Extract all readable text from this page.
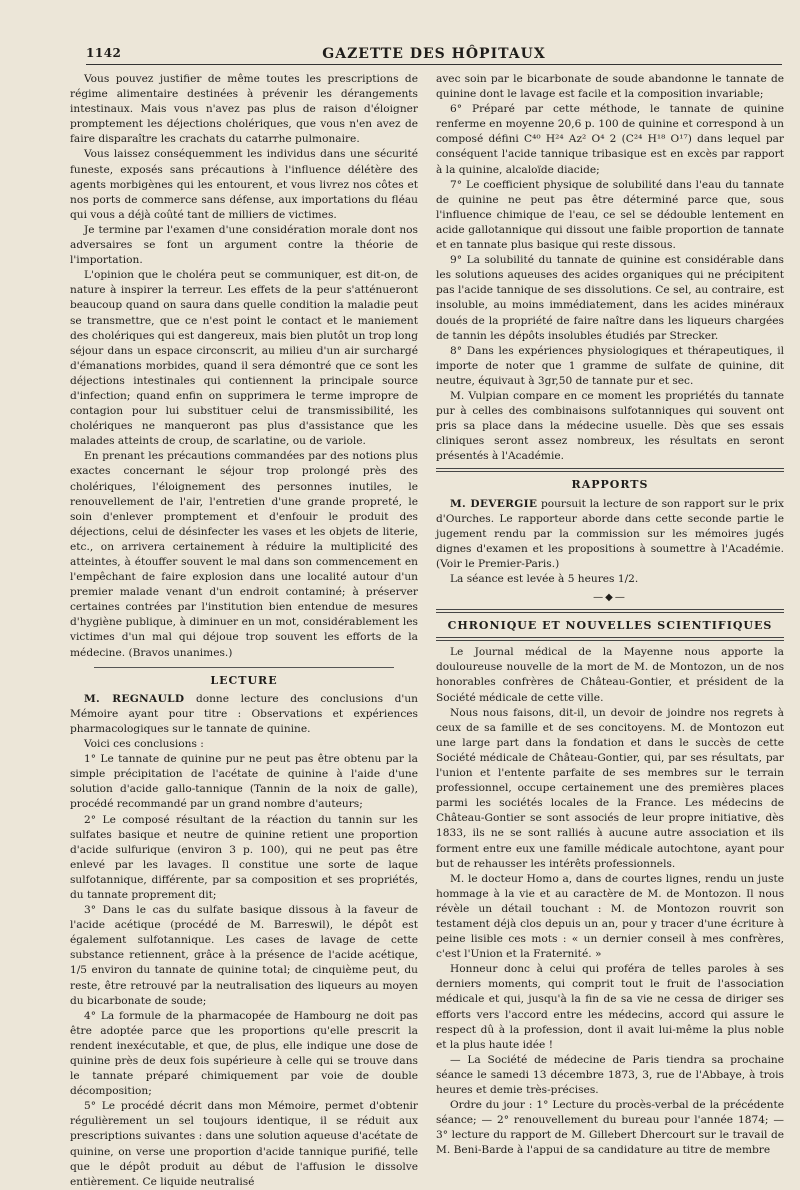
1142	GAZETTE DES HÔPITAUX

Vous pouvez justifier de même toutes les prescriptions de régime alimentaire destinées à prévenir les dérangements intestinaux. Mais vous n'avez pas plus de raison d'éloigner promptement les déjections cholériques, que vous n'en avez de faire disparaître les crachats du catarrhe pulmonaire.

Vous laissez conséquemment les individus dans une sécurité funeste, exposés sans précautions à l'influence délétère des agents morbigènes qui les entourent, et vous livrez nos côtes et nos ports de commerce sans défense, aux importations du fléau qui vous a déjà coûté tant de milliers de victimes.

Je termine par l'examen d'une considération morale dont nos adversaires se font un argument contre la théorie de l'importation.

L'opinion que le choléra peut se communiquer, est dit-on, de nature à inspirer la terreur. Les effets de la peur s'atténueront beaucoup quand on saura dans quelle condition la maladie peut se transmettre, que ce n'est point le contact et le maniement des cholériques qui est dangereux, mais bien plutôt un trop long séjour dans un espace circonscrit, au milieu d'un air surchargé d'émanations morbides, quand il sera démontré que ce sont les déjections intestinales qui contiennent la principale source d'infection; quand enfin on supprimera le terme impropre de contagion pour lui substituer celui de transmissibilité, les cholériques ne manqueront pas plus d'assistance que les malades atteints de croup, de scarlatine, ou de variole.

En prenant les précautions commandées par des notions plus exactes concernant le séjour trop prolongé près des cholériques, l'éloignement des personnes inutiles, le renouvellement de l'air, l'entretien d'une grande propreté, le soin d'enlever promptement et d'enfouir le produit des déjections, celui de désinfecter les vases et les objets de literie, etc., on arrivera certainement à réduire la multiplicité des atteintes, à étouffer souvent le mal dans son commencement en l'empêchant de faire explosion dans une localité autour d'un premier malade venant d'un endroit contaminé; à préserver certaines contrées par l'institution bien entendue de mesures d'hygiène publique, à diminuer en un mot, considérablement les victimes d'un mal qui déjoue trop souvent les efforts de la médecine. (Bravos unanimes.)

LECTURE

M. REGNAULD donne lecture des conclusions d'un Mémoire ayant pour titre : Observations et expériences pharmacologiques sur le tannate de quinine.

Voici ces conclusions :

1° Le tannate de quinine pur ne peut pas être obtenu par la simple précipitation de l'acétate de quinine à l'aide d'une solution d'acide gallo-tannique (Tannin de la noix de galle), procédé recommandé par un grand nombre d'auteurs;

2° Le composé résultant de la réaction du tannin sur les sulfates basique et neutre de quinine retient une proportion d'acide sulfurique (environ 3 p. 100), qui ne peut pas être enlevé par les lavages. Il constitue une sorte de laque sulfotannique, différente, par sa composition et ses propriétés, du tannate proprement dit;

3° Dans le cas du sulfate basique dissous à la faveur de l'acide acétique (procédé de M. Barreswil), le dépôt est également sulfotannique. Les cases de lavage de cette substance retiennent, grâce à la présence de l'acide acétique, 1/5 environ du tannate de quinine total; de cinquième peut, du reste, être retrouvé par la neutralisation des liqueurs au moyen du bicarbonate de soude;

4° La formule de la pharmacopée de Hambourg ne doit pas être adoptée parce que les proportions qu'elle prescrit la rendent inexécutable, et que, de plus, elle indique une dose de quinine près de deux fois supérieure à celle qui se trouve dans le tannate préparé chimiquement par voie de double décomposition;

5° Le procédé décrit dans mon Mémoire, permet d'obtenir régulièrement un sel toujours identique, il se réduit aux prescriptions suivantes : dans une solution aqueuse d'acétate de quinine, on verse une proportion d'acide tannique purifié, telle que le dépôt produit au début de l'affusion le dissolve entièrement. Ce liquide neutralisé

avec soin par le bicarbonate de soude abandonne le tannate de quinine dont le lavage est facile et la composition invariable;

6° Préparé par cette méthode, le tannate de quinine renferme en moyenne 20,6 p. 100 de quinine et correspond à un composé défini C⁴⁰ H²⁴ Az² O⁴ 2 (C²⁴ H¹⁸ O¹⁷) dans lequel par conséquent l'acide tannique tribasique est en excès par rapport à la quinine, alcaloïde diacide;

7° Le coefficient physique de solubilité dans l'eau du tannate de quinine ne peut pas être déterminé parce que, sous l'influence chimique de l'eau, ce sel se dédouble lentement en acide gallotannique qui dissout une faible proportion de tannate et en tannate plus basique qui reste dissous.

9° La solubilité du tannate de quinine est considérable dans les solutions aqueuses des acides organiques qui ne précipitent pas l'acide tannique de ses dissolutions. Ce sel, au contraire, est insoluble, au moins immédiatement, dans les acides minéraux doués de la propriété de faire naître dans les liqueurs chargées de tannin les dépôts insolubles étudiés par Strecker.

8° Dans les expériences physiologiques et thérapeutiques, il importe de noter que 1 gramme de sulfate de quinine, dit neutre, équivaut à 3gr,50 de tannate pur et sec.

M. Vulpian compare en ce moment les propriétés du tannate pur à celles des combinaisons sulfotanniques qui souvent ont pris sa place dans la médecine usuelle. Dès que ses essais cliniques seront assez nombreux, les résultats en seront présentés à l'Académie.

RAPPORTS

M. DEVERGIE poursuit la lecture de son rapport sur le prix d'Ourches. Le rapporteur aborde dans cette seconde partie le jugement rendu par la commission sur les mémoires jugés dignes d'examen et les propositions à soumettre à l'Académie. (Voir le Premier-Paris.)

La séance est levée à 5 heures 1/2.

—◆—
CHRONIQUE ET NOUVELLES SCIENTIFIQUES

Le Journal médical de la Mayenne nous apporte la douloureuse nouvelle de la mort de M. de Montozon, un de nos honorables confrères de Château-Gontier, et président de la Société médicale de cette ville.

Nous nous faisons, dit-il, un devoir de joindre nos regrets à ceux de sa famille et de ses concitoyens. M. de Montozon eut une large part dans la fondation et dans le succès de cette Société médicale de Château-Gontier, qui, par ses résultats, par l'union et l'entente parfaite de ses membres sur le terrain professionnel, occupe certainement une des premières places parmi les sociétés locales de la France. Les médecins de Château-Gontier se sont associés de leur propre initiative, dès 1833, ils ne se sont ralliés à aucune autre association et ils forment entre eux une famille médicale autochtone, ayant pour but de rehausser les intérêts professionnels.

M. le docteur Homo a, dans de courtes lignes, rendu un juste hommage à la vie et au caractère de M. de Montozon. Il nous révèle un détail touchant : M. de Montozon rouvrit son testament déjà clos depuis un an, pour y tracer d'une écriture à peine lisible ces mots : « un dernier conseil à mes confrères, c'est l'Union et la Fraternité. »

Honneur donc à celui qui proféra de telles paroles à ses derniers moments, qui comprit tout le fruit de l'association médicale et qui, jusqu'à la fin de sa vie ne cessa de diriger ses efforts vers l'accord entre les médecins, accord qui assure le respect dû à la profession, dont il avait lui-même la plus noble et la plus haute idée !

— La Société de médecine de Paris tiendra sa prochaine séance le samedi 13 décembre 1873, 3, rue de l'Abbaye, à trois heures et demie très-précises.

Ordre du jour : 1° Lecture du procès-verbal de la précédente séance; — 2° renouvellement du bureau pour l'année 1874; — 3° lecture du rapport de M. Gillebert Dhercourt sur le travail de M. Beni-Barde à l'appui de sa candidature au titre de membre
